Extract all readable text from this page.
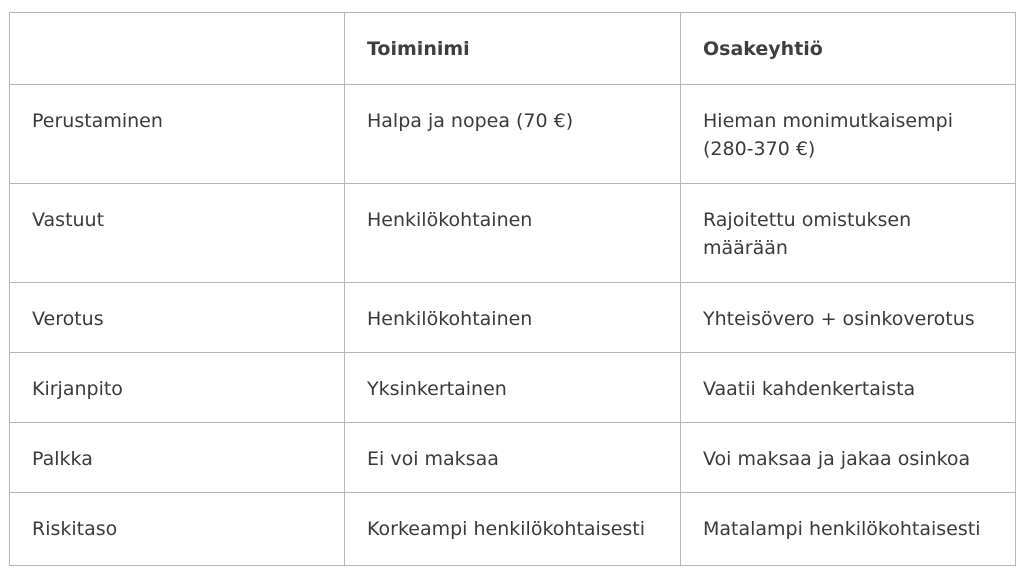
	Toiminimi	Osakeyhtiö
Perustaminen	Halpa ja nopea (70 €)	Hieman monimutkaisempi (280-370 €)
Vastuut	Henkilökohtainen	Rajoitettu omistuksen määrään
Verotus	Henkilökohtainen	Yhteisövero + osinkoverotus
Kirjanpito	Yksinkertainen	Vaatii kahdenkertaista
Palkka	Ei voi maksaa	Voi maksaa ja jakaa osinkoa
Riskitaso	Korkeampi henkilökohtaisesti	Matalampi henkilökohtaisesti
